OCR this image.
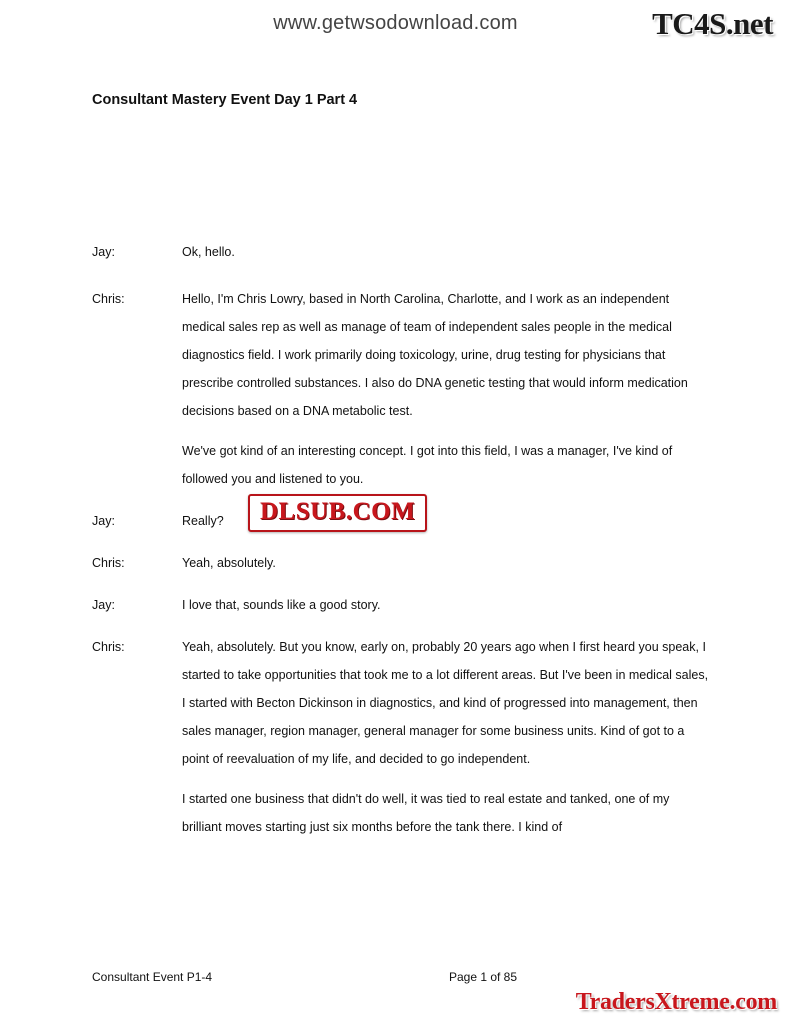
www.getwsodownload.com	TC4S.net
Consultant Mastery Event Day 1 Part 4
Jay:	Ok, hello.

Chris:	Hello, I'm Chris Lowry, based in North Carolina, Charlotte, and I work as an independent medical sales rep as well as manage of team of independent sales people in the medical diagnostics field. I work primarily doing toxicology, urine, drug testing for physicians that prescribe controlled substances. I also do DNA genetic testing that would inform medication decisions based on a DNA metabolic test.

We've got kind of an interesting concept. I got into this field, I was a manager, I've kind of followed you and listened to you.

Jay:	Really?

Chris:	Yeah, absolutely.

Jay:	I love that, sounds like a good story.

Chris:	Yeah, absolutely. But you know, early on, probably 20 years ago when I first heard you speak, I started to take opportunities that took me to a lot different areas. But I've been in medical sales, I started with Becton Dickinson in diagnostics, and kind of progressed into management, then sales manager, region manager, general manager for some business units. Kind of got to a point of reevaluation of my life, and decided to go independent.

I started one business that didn't do well, it was tied to real estate and tanked, one of my brilliant moves starting just six months before the tank there. I kind of

DLSUB.COM
Consultant Event P1-4	Page 1 of 85
TradersXtreme.com
